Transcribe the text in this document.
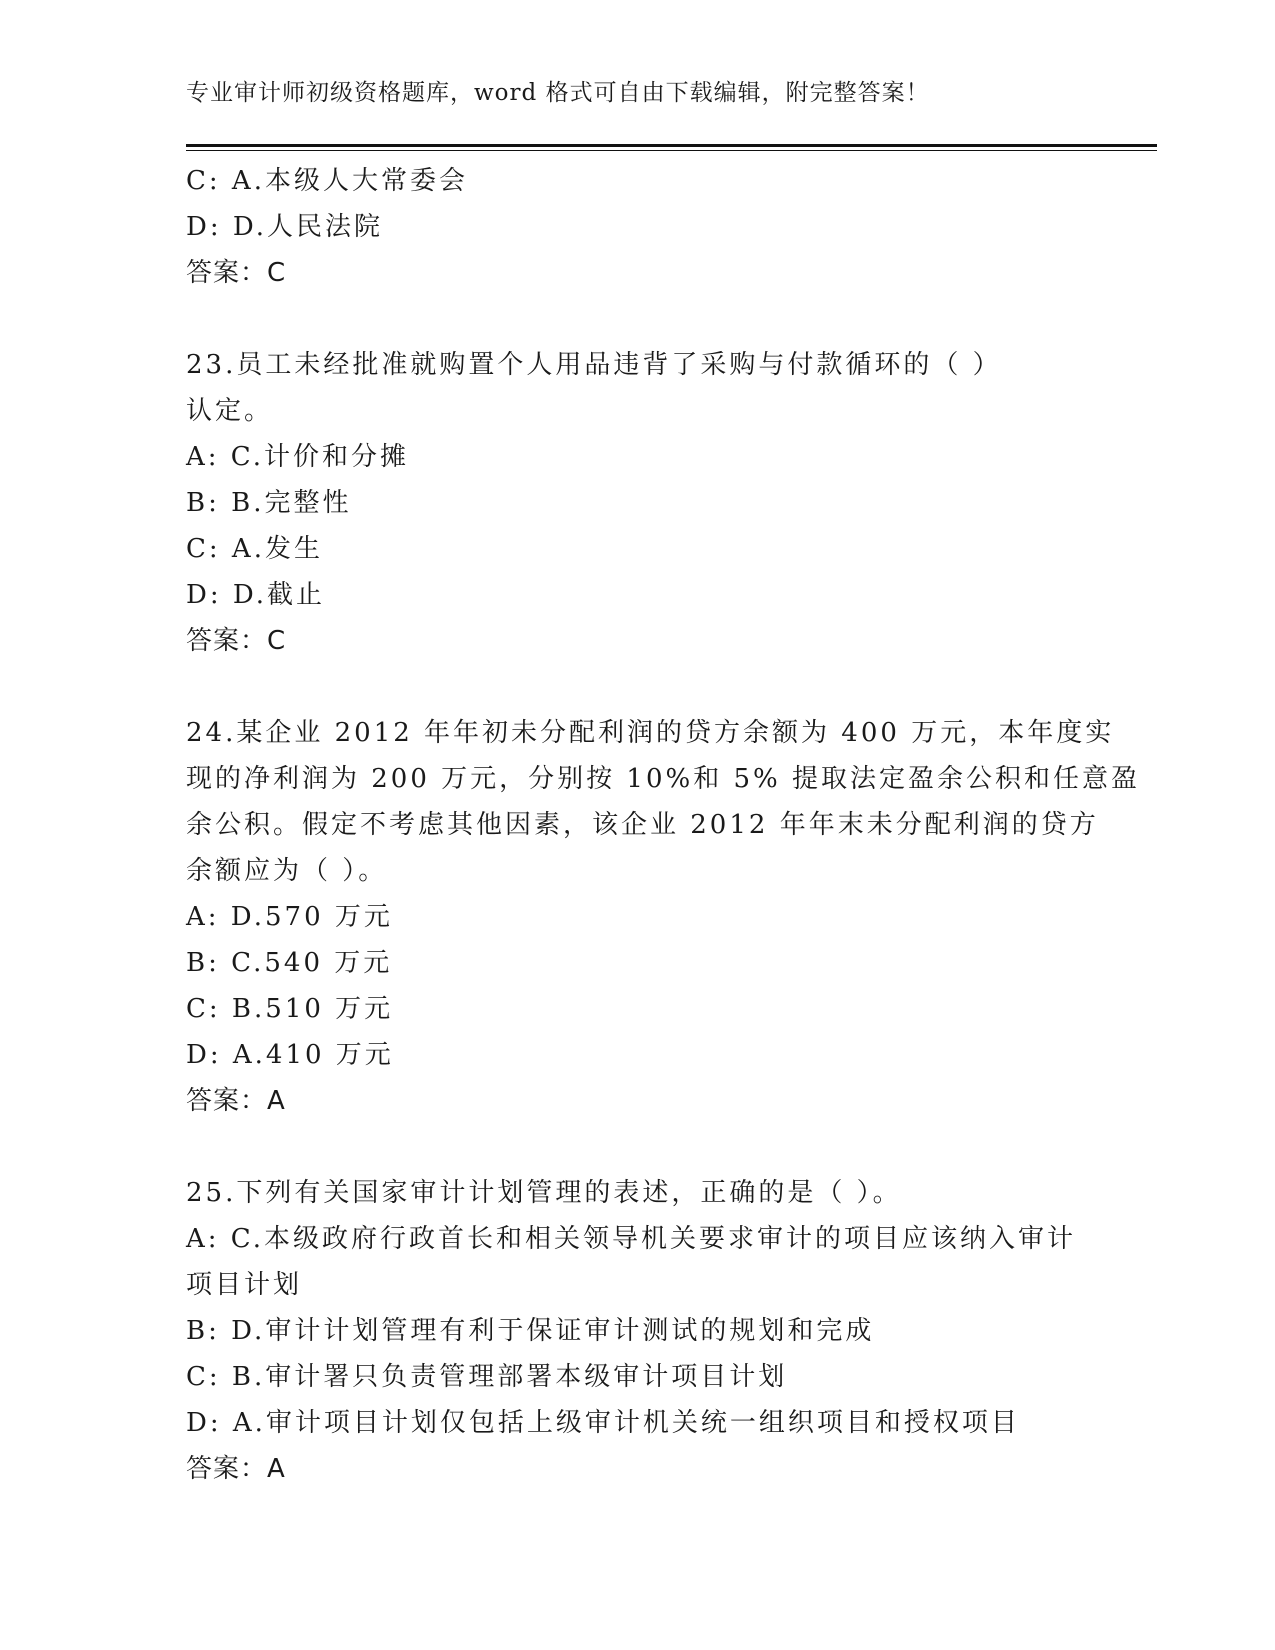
专业审计师初级资格题库，word 格式可自由下载编辑，附完整答案！
C: A.本级人大常委会
D: D.人民法院
答案：C
23.员工未经批准就购置个人用品违背了采购与付款循环的（ ）
认定。
A: C.计价和分摊
B: B.完整性
C: A.发生
D: D.截止
答案：C
24.某企业 2012 年年初未分配利润的贷方余额为 400 万元，本年度实
现的净利润为 200 万元，分别按 10%和 5% 提取法定盈余公积和任意盈
余公积。假定不考虑其他因素，该企业 2012 年年末未分配利润的贷方
余额应为（ ）。
A: D.570 万元
B: C.540 万元
C: B.510 万元
D: A.410 万元
答案：A
25.下列有关国家审计计划管理的表述，正确的是（ ）。
A: C.本级政府行政首长和相关领导机关要求审计的项目应该纳入审计
项目计划
B: D.审计计划管理有利于保证审计测试的规划和完成
C: B.审计署只负责管理部署本级审计项目计划
D: A.审计项目计划仅包括上级审计机关统一组织项目和授权项目
答案：A
